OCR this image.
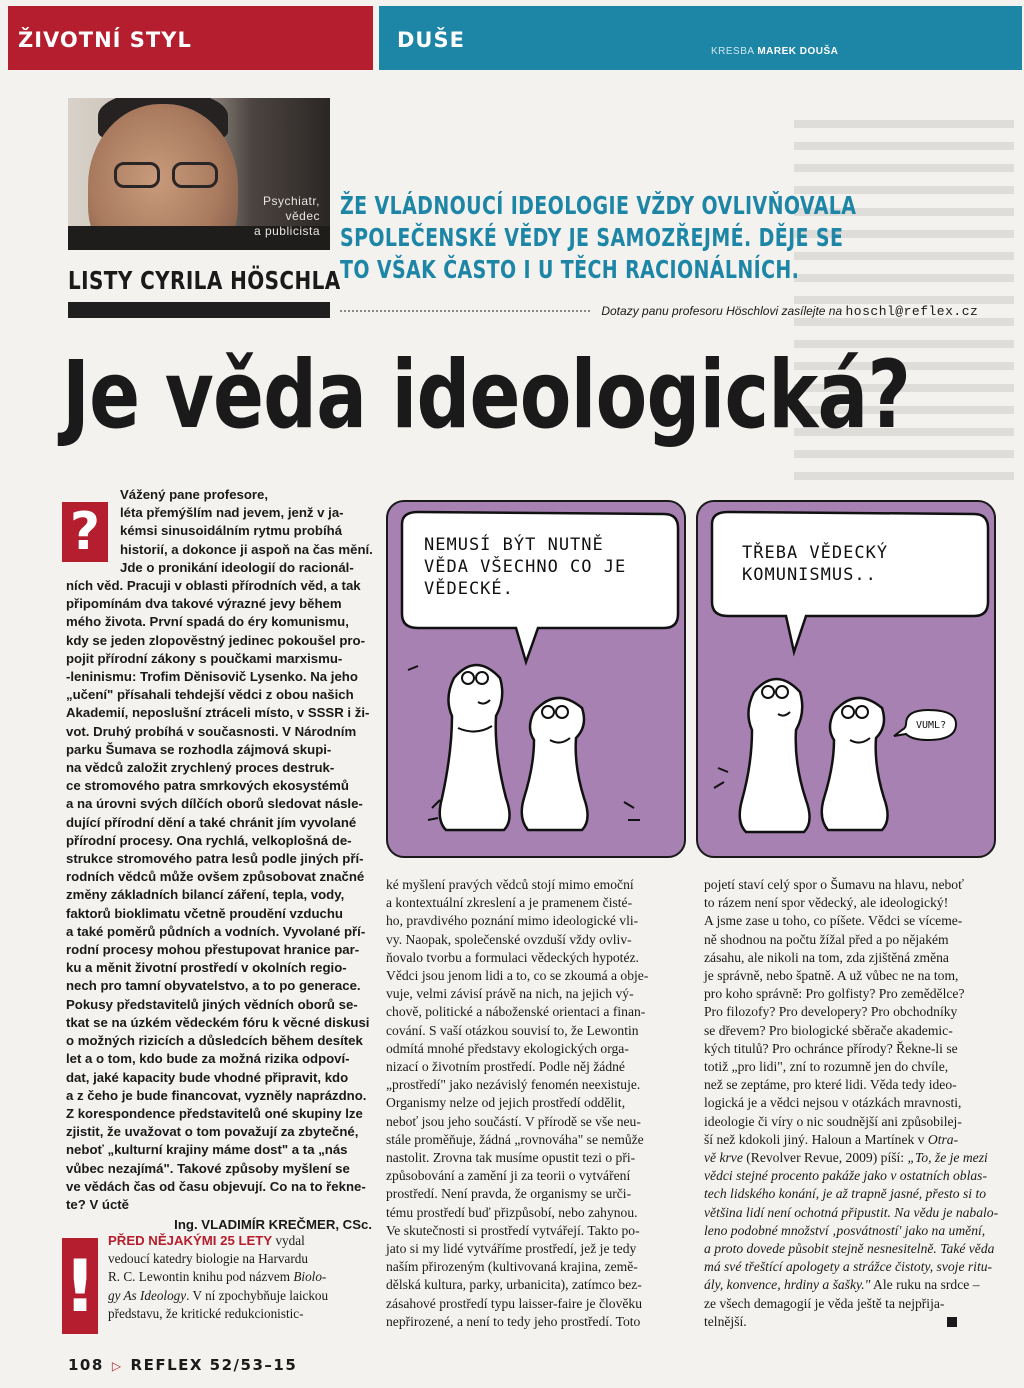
ŽIVOTNÍ STYL	DUŠE	KRESBA MAREK DOUŠA
Psychiatr,
vědec
a publicista
LISTY CYRILA HÖSCHLA
ŽE VLÁDNOUCÍ IDEOLOGIE VŽDY OVLIVŇOVALA
SPOLEČENSKÉ VĚDY JE SAMOZŘEJMÉ. DĚJE SE
TO VŠAK ČASTO I U TĚCH RACIONÁLNÍCH.
Dotazy panu profesoru Höschlovi zasílejte na hoschl@reflex.cz
Je věda ideologická?
?
Vážený pane profesore,
léta přemýšlím nad jevem, jenž v ja-
kémsi sinusoidálním rytmu probíhá
historií, a dokonce ji aspoň na čas mění.
Jde o pronikání ideologií do racionál-
ních věd. Pracuji v oblasti přírodních věd, a tak
připomínám dva takové výrazné jevy během
mého života. První spadá do éry komunismu,
kdy se jeden zlopověstný jedinec pokoušel pro-
pojit přírodní zákony s poučkami marxismu-
-leninismu: Trofim Děnisovič Lysenko. Na jeho
„učení" přísahali tehdejší vědci z obou našich
Akademií, neposlušní ztráceli místo, v SSSR i ži-
vot. Druhý probíhá v současnosti. V Národním
parku Šumava se rozhodla zájmová skupi-
na vědců založit zrychlený proces destruk-
ce stromového patra smrkových ekosystémů
a na úrovni svých dílčích oborů sledovat násle-
dující přírodní dění a také chránit jím vyvolané
přírodní procesy. Ona rychlá, velkoplošná de-
strukce stromového patra lesů podle jiných pří-
rodních vědců může ovšem způsobovat značné
změny základních bilancí záření, tepla, vody,
faktorů bioklimatu včetně proudění vzduchu
a také poměrů půdních a vodních. Vyvolané pří-
rodní procesy mohou přestupovat hranice par-
ku a měnit životní prostředí v okolních regio-
nech pro tamní obyvatelstvo, a to po generace.
Pokusy představitelů jiných vědních oborů se-
tkat se na úzkém vědeckém fóru k věcné diskusi
o možných rizicích a důsledcích během desítek
let a o tom, kdo bude za možná rizika odpoví-
dat, jaké kapacity bude vhodné připravit, kdo
a z čeho je bude financovat, vyzněly naprázdno.
Z korespondence představitelů oné skupiny lze
zjistit, že uvažovat o tom považují za zbytečné,
neboť „kulturní krajiny máme dost" a ta „nás
vůbec nezajímá". Takové způsoby myšlení se
ve vědách čas od času objevují. Co na to řekne-
te? V úctě
Ing. VLADIMÍR KREČMER, CSc.
!
PŘED NĚJAKÝMI 25 LETY vydal
vedoucí katedry biologie na Harvardu
R. C. Lewontin knihu pod názvem Biolo-
gy As Ideology. V ní zpochybňuje laickou
představu, že kritické redukcionistic-
NEMUSÍ BÝT NUTNĚ
VĚDA VŠECHNO CO JE
VĚDECKÉ.
TŘEBA VĚDECKÝ
KOMUNISMUS..
VUML?
ké myšlení pravých vědců stojí mimo emoční
a kontextuální zkreslení a je pramenem čisté-
ho, pravdivého poznání mimo ideologické vli-
vy. Naopak, společenské ovzduší vždy ovliv-
ňovalo tvorbu a formulaci vědeckých hypotéz.
Vědci jsou jenom lidi a to, co se zkoumá a obje-
vuje, velmi závisí právě na nich, na jejich vý-
chově, politické a náboženské orientaci a finan-
cování. S vaší otázkou souvisí to, že Lewontin
odmítá mnohé představy ekologických orga-
nizací o životním prostředí. Podle něj žádné
„prostředí" jako nezávislý fenomén neexistuje.
Organismy nelze od jejich prostředí oddělit,
neboť jsou jeho součástí. V přírodě se vše neu-
stále proměňuje, žádná „rovnováha" se nemůže
nastolit. Zrovna tak musíme opustit tezi o při-
způsobování a zamění ji za teorii o vytváření
prostředí. Není pravda, že organismy se urči-
tému prostředí buď přizpůsobí, nebo zahynou.
Ve skutečnosti si prostředí vytvářejí. Takto po-
jato si my lidé vytváříme prostředí, jež je tedy
naším přirozeným (kultivovaná krajina, země-
dělská kultura, parky, urbanicita), zatímco bez-
zásahové prostředí typu laisser-faire je člověku
nepřirozené, a není to tedy jeho prostředí. Toto
pojetí staví celý spor o Šumavu na hlavu, neboť
to rázem není spor vědecký, ale ideologický!
A jsme zase u toho, co píšete. Vědci se víceme-
ně shodnou na počtu žížal před a po nějakém
zásahu, ale nikoli na tom, zda zjištěná změna
je správně, nebo špatně. A už vůbec ne na tom,
pro koho správně: Pro golfisty? Pro zemědělce?
Pro filozofy? Pro developery? Pro obchodníky
se dřevem? Pro biologické sběrače akademic-
kých titulů? Pro ochránce přírody? Řekne-li se
totiž „pro lidi", zní to rozumně jen do chvíle,
než se zeptáme, pro které lidi. Věda tedy ideo-
logická je a vědci nejsou v otázkách mravnosti,
ideologie či víry o nic soudnější ani způsobilej-
ší než kdokoli jiný. Haloun a Martínek v Otra-
vě krve (Revolver Revue, 2009) píší: „To, že je mezi
vědci stejné procento pakáže jako v ostatních oblas-
tech lidského konání, je až trapně jasné, přesto si to
většina lidí není ochotná připustit. Na vědu je nabalo-
leno podobné množství ‚posvátností' jako na umění,
a proto dovede působit stejně nesnesitelně. Také věda
má své třeštící apologety a strážce čistoty, svoje ritu-
ály, konvence, hrdiny a šašky." Ale ruku na srdce –
ze všech demagogií je věda ještě ta nejpřija-
telnější.
108 ▷ REFLEX 52/53–15
